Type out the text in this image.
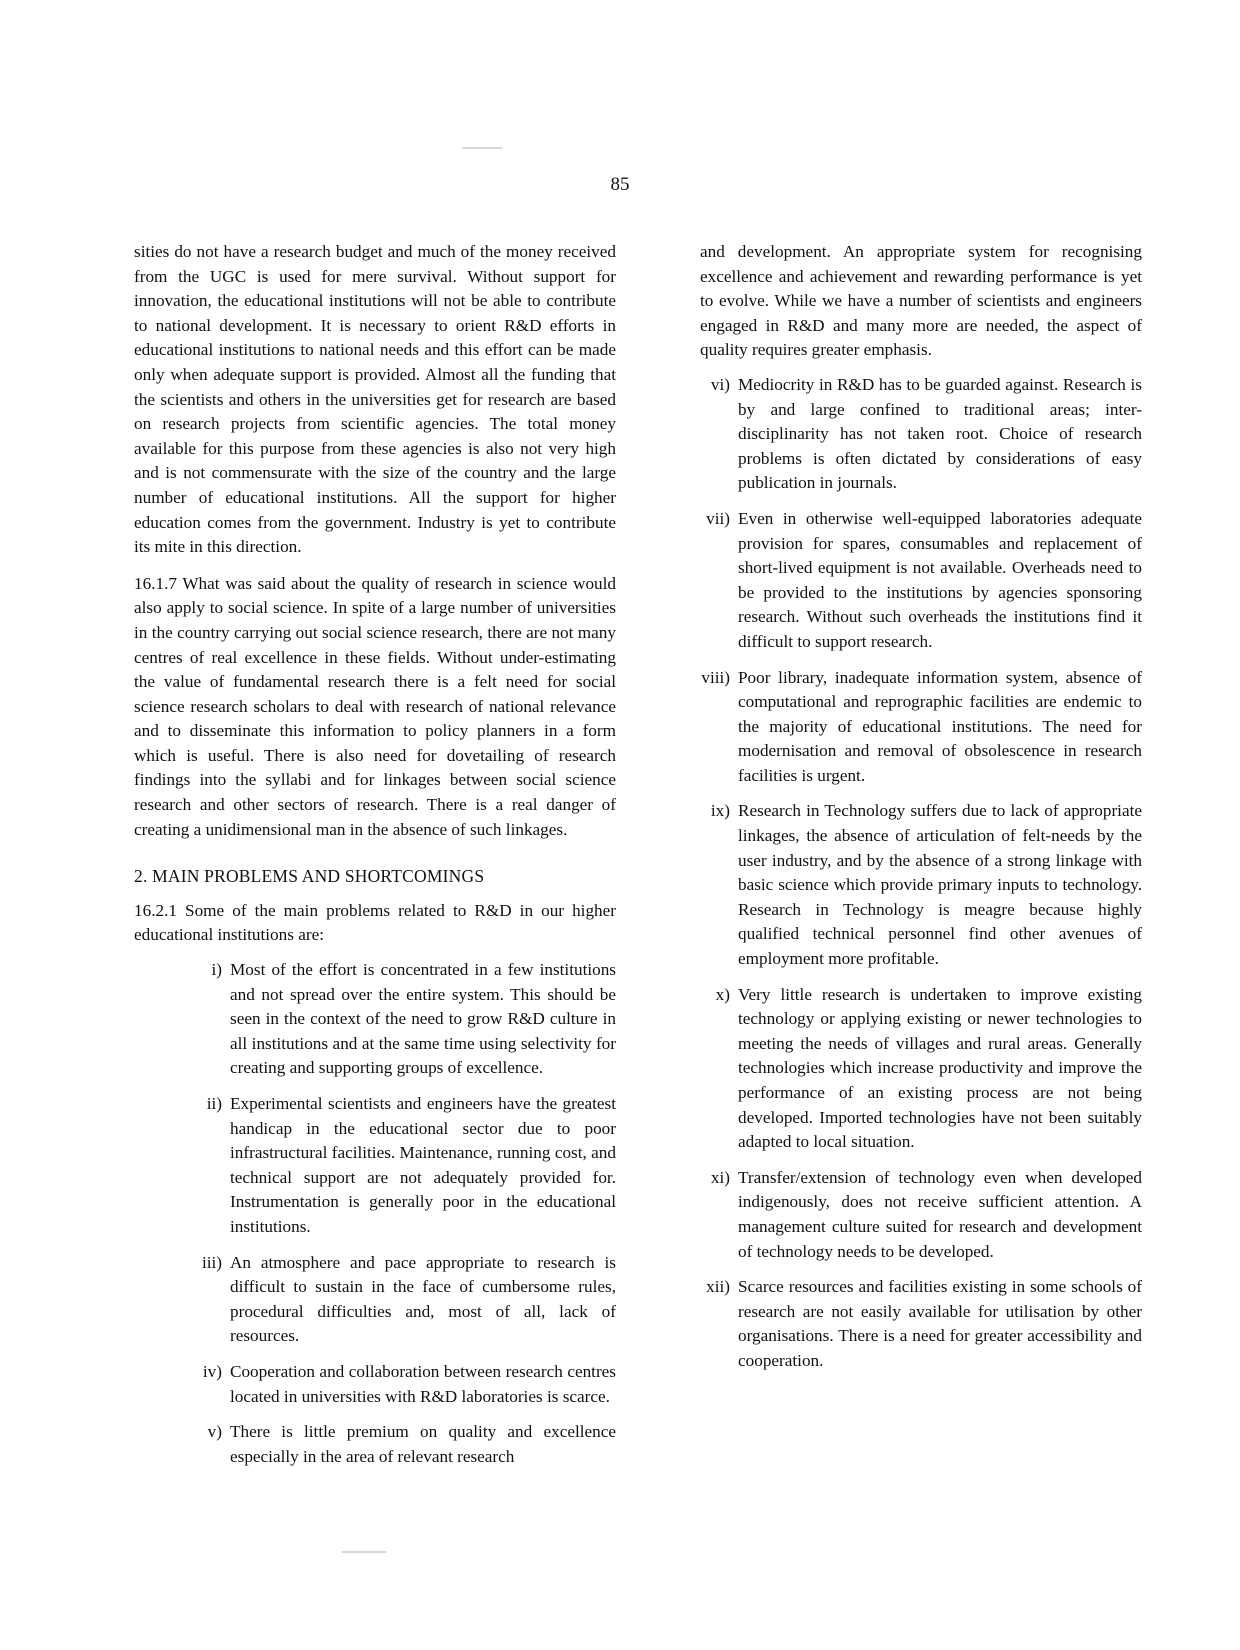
85

sities do not have a research budget and much of the money received from the UGC is used for mere survival. Without support for innovation, the educational institutions will not be able to contribute to national development. It is necessary to orient R&D efforts in educational institutions to national needs and this effort can be made only when adequate support is provided. Almost all the funding that the scientists and others in the universities get for research are based on research projects from scientific agencies. The total money available for this purpose from these agencies is also not very high and is not commensurate with the size of the country and the large number of educational institutions. All the support for higher education comes from the government. Industry is yet to contribute its mite in this direction.

16.1.7 What was said about the quality of research in science would also apply to social science. In spite of a large number of universities in the country carrying out social science research, there are not many centres of real excellence in these fields. Without under-estimating the value of fundamental research there is a felt need for social science research scholars to deal with research of national relevance and to disseminate this information to policy planners in a form which is useful. There is also need for dovetailing of research findings into the syllabi and for linkages between social science research and other sectors of research. There is a real danger of creating a unidimensional man in the absence of such linkages.

2. MAIN PROBLEMS AND SHORTCOMINGS

16.2.1 Some of the main problems related to R&D in our higher educational institutions are:

i) Most of the effort is concentrated in a few institutions and not spread over the entire system. This should be seen in the context of the need to grow R&D culture in all institutions and at the same time using selectivity for creating and supporting groups of excellence.
ii) Experimental scientists and engineers have the greatest handicap in the educational sector due to poor infrastructural facilities. Maintenance, running cost, and technical support are not adequately provided for. Instrumentation is generally poor in the educational institutions.
iii) An atmosphere and pace appropriate to research is difficult to sustain in the face of cumbersome rules, procedural difficulties and, most of all, lack of resources.
iv) Cooperation and collaboration between research centres located in universities with R&D laboratories is scarce.
v) There is little premium on quality and excellence especially in the area of relevant research

and development. An appropriate system for recognising excellence and achievement and rewarding performance is yet to evolve. While we have a number of scientists and engineers engaged in R&D and many more are needed, the aspect of quality requires greater emphasis.

vi) Mediocrity in R&D has to be guarded against. Research is by and large confined to traditional areas; inter-disciplinarity has not taken root. Choice of research problems is often dictated by considerations of easy publication in journals.
vii) Even in otherwise well-equipped laboratories adequate provision for spares, consumables and replacement of short-lived equipment is not available. Overheads need to be provided to the institutions by agencies sponsoring research. Without such overheads the institutions find it difficult to support research.
viii) Poor library, inadequate information system, absence of computational and reprographic facilities are endemic to the majority of educational institutions. The need for modernisation and removal of obsolescence in research facilities is urgent.
ix) Research in Technology suffers due to lack of appropriate linkages, the absence of articulation of felt-needs by the user industry, and by the absence of a strong linkage with basic science which provide primary inputs to technology. Research in Technology is meagre because highly qualified technical personnel find other avenues of employment more profitable.
x) Very little research is undertaken to improve existing technology or applying existing or newer technologies to meeting the needs of villages and rural areas. Generally technologies which increase productivity and improve the performance of an existing process are not being developed. Imported technologies have not been suitably adapted to local situation.
xi) Transfer/extension of technology even when developed indigenously, does not receive sufficient attention. A management culture suited for research and development of technology needs to be developed.
xii) Scarce resources and facilities existing in some schools of research are not easily available for utilisation by other organisations. There is a need for greater accessibility and cooperation.
